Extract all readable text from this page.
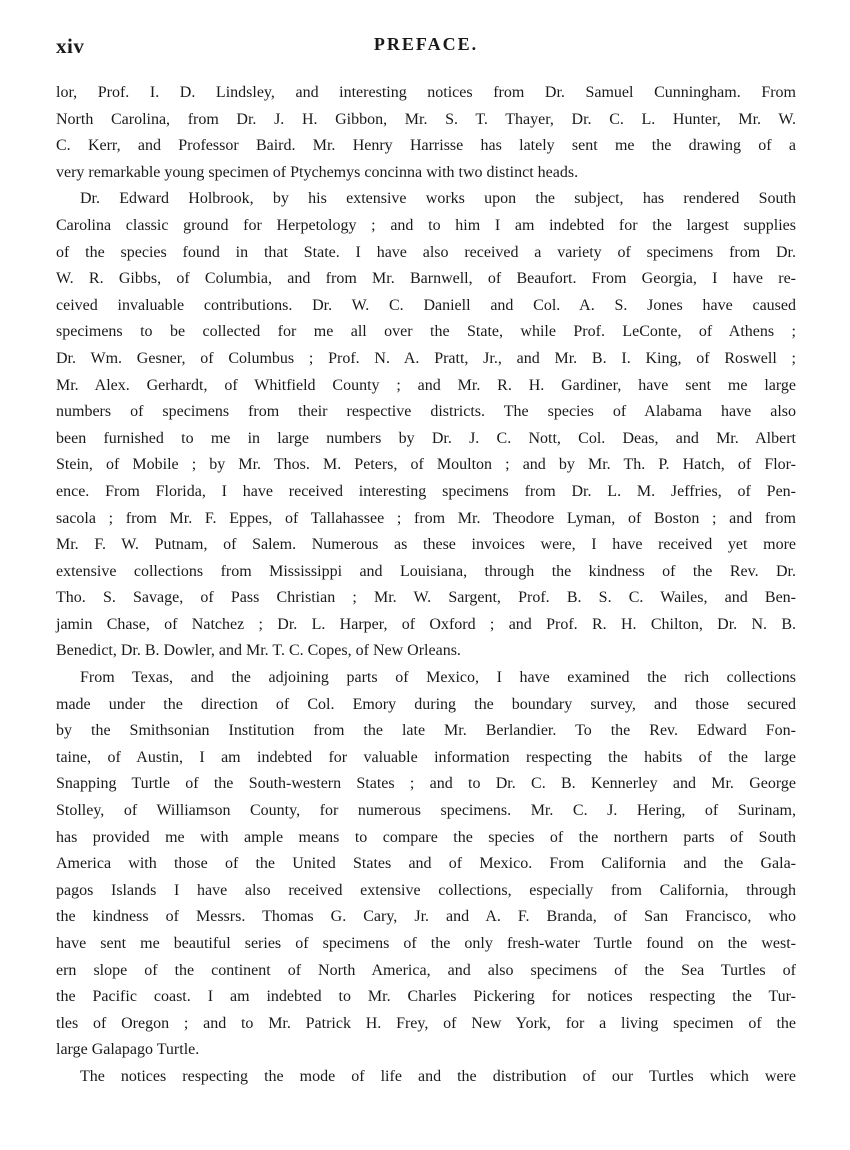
xiv	PREFACE.

lor, Prof. I. D. Lindsley, and interesting notices from Dr. Samuel Cunningham. From
North Carolina, from Dr. J. H. Gibbon, Mr. S. T. Thayer, Dr. C. L. Hunter, Mr. W.
C. Kerr, and Professor Baird. Mr. Henry Harrisse has lately sent me the drawing of a
very remarkable young specimen of Ptychemys concinna with two distinct heads.

Dr. Edward Holbrook, by his extensive works upon the subject, has rendered South
Carolina classic ground for Herpetology ; and to him I am indebted for the largest supplies
of the species found in that State. I have also received a variety of specimens from Dr.
W. R. Gibbs, of Columbia, and from Mr. Barnwell, of Beaufort. From Georgia, I have re-
ceived invaluable contributions. Dr. W. C. Daniell and Col. A. S. Jones have caused
specimens to be collected for me all over the State, while Prof. LeConte, of Athens ;
Dr. Wm. Gesner, of Columbus ; Prof. N. A. Pratt, Jr., and Mr. B. I. King, of Roswell ;
Mr. Alex. Gerhardt, of Whitfield County ; and Mr. R. H. Gardiner, have sent me large
numbers of specimens from their respective districts. The species of Alabama have also
been furnished to me in large numbers by Dr. J. C. Nott, Col. Deas, and Mr. Albert
Stein, of Mobile ; by Mr. Thos. M. Peters, of Moulton ; and by Mr. Th. P. Hatch, of Flor-
ence. From Florida, I have received interesting specimens from Dr. L. M. Jeffries, of Pen-
sacola ; from Mr. F. Eppes, of Tallahassee ; from Mr. Theodore Lyman, of Boston ; and from
Mr. F. W. Putnam, of Salem. Numerous as these invoices were, I have received yet more
extensive collections from Mississippi and Louisiana, through the kindness of the Rev. Dr.
Tho. S. Savage, of Pass Christian ; Mr. W. Sargent, Prof. B. S. C. Wailes, and Ben-
jamin Chase, of Natchez ; Dr. L. Harper, of Oxford ; and Prof. R. H. Chilton, Dr. N. B.
Benedict, Dr. B. Dowler, and Mr. T. C. Copes, of New Orleans.

From Texas, and the adjoining parts of Mexico, I have examined the rich collections
made under the direction of Col. Emory during the boundary survey, and those secured
by the Smithsonian Institution from the late Mr. Berlandier. To the Rev. Edward Fon-
taine, of Austin, I am indebted for valuable information respecting the habits of the large
Snapping Turtle of the South-western States ; and to Dr. C. B. Kennerley and Mr. George
Stolley, of Williamson County, for numerous specimens. Mr. C. J. Hering, of Surinam,
has provided me with ample means to compare the species of the northern parts of South
America with those of the United States and of Mexico. From California and the Gala-
pagos Islands I have also received extensive collections, especially from California, through
the kindness of Messrs. Thomas G. Cary, Jr. and A. F. Branda, of San Francisco, who
have sent me beautiful series of specimens of the only fresh-water Turtle found on the west-
ern slope of the continent of North America, and also specimens of the Sea Turtles of
the Pacific coast. I am indebted to Mr. Charles Pickering for notices respecting the Tur-
tles of Oregon ; and to Mr. Patrick H. Frey, of New York, for a living specimen of the
large Galapago Turtle.

The notices respecting the mode of life and the distribution of our Turtles which were
